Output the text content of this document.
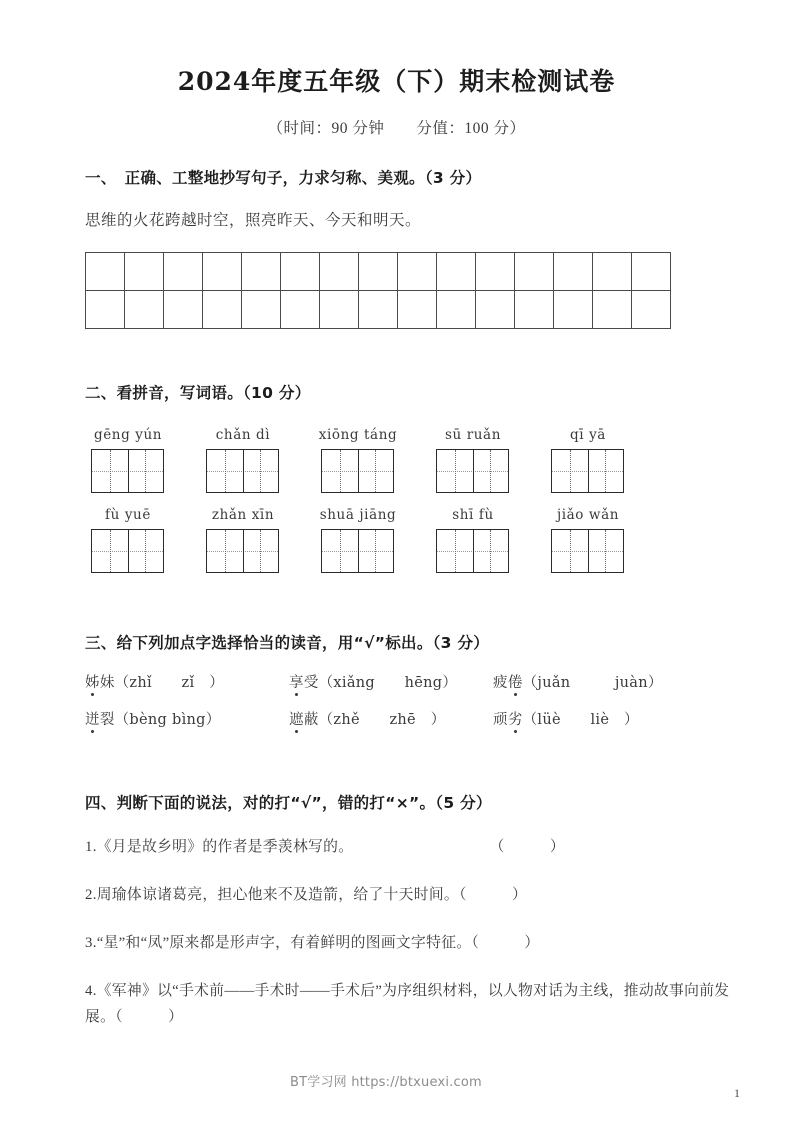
2024年度五年级（下）期末检测试卷
（时间：90 分钟　　分值：100 分）
一、　正确、工整地抄写句子，力求匀称、美观。（3 分）
思维的火花跨越时空，照亮昨天、今天和明天。

二、看拼音，写词语。（10 分）
gēng yún	chǎn dì	xiōng táng	sū ruǎn	qī yā
fù yuē	zhǎn xīn	shuā jiāng	shī fù	jiǎo wǎn
三、给下列加点字选择恰当的读音，用“√”标出。（3 分）
姊妹（zhǐ　　zǐ　）	享受（xiǎng　　hēng）	疲倦（juǎn　　　juàn）
迸裂（bèng bìng）	遮蔽（zhě　　zhē　）	顽劣（lüè　　liè　）
四、判断下面的说法，对的打“√”，错的打“×”。（5 分）
1.《月是故乡明》的作者是季羡林写的。　　　　　　　　　　（　　　）
2.周瑜体谅诸葛亮，担心他来不及造箭，给了十天时间。（　　　）
3.“星”和“凤”原来都是形声字，有着鲜明的图画文字特征。（　　　）
4.《军神》以“手术前——手术时——手术后”为序组织材料，以人物对话为主线，推动故事向前发展。（　　　）
BT学习网 https://btxuexi.com
1
